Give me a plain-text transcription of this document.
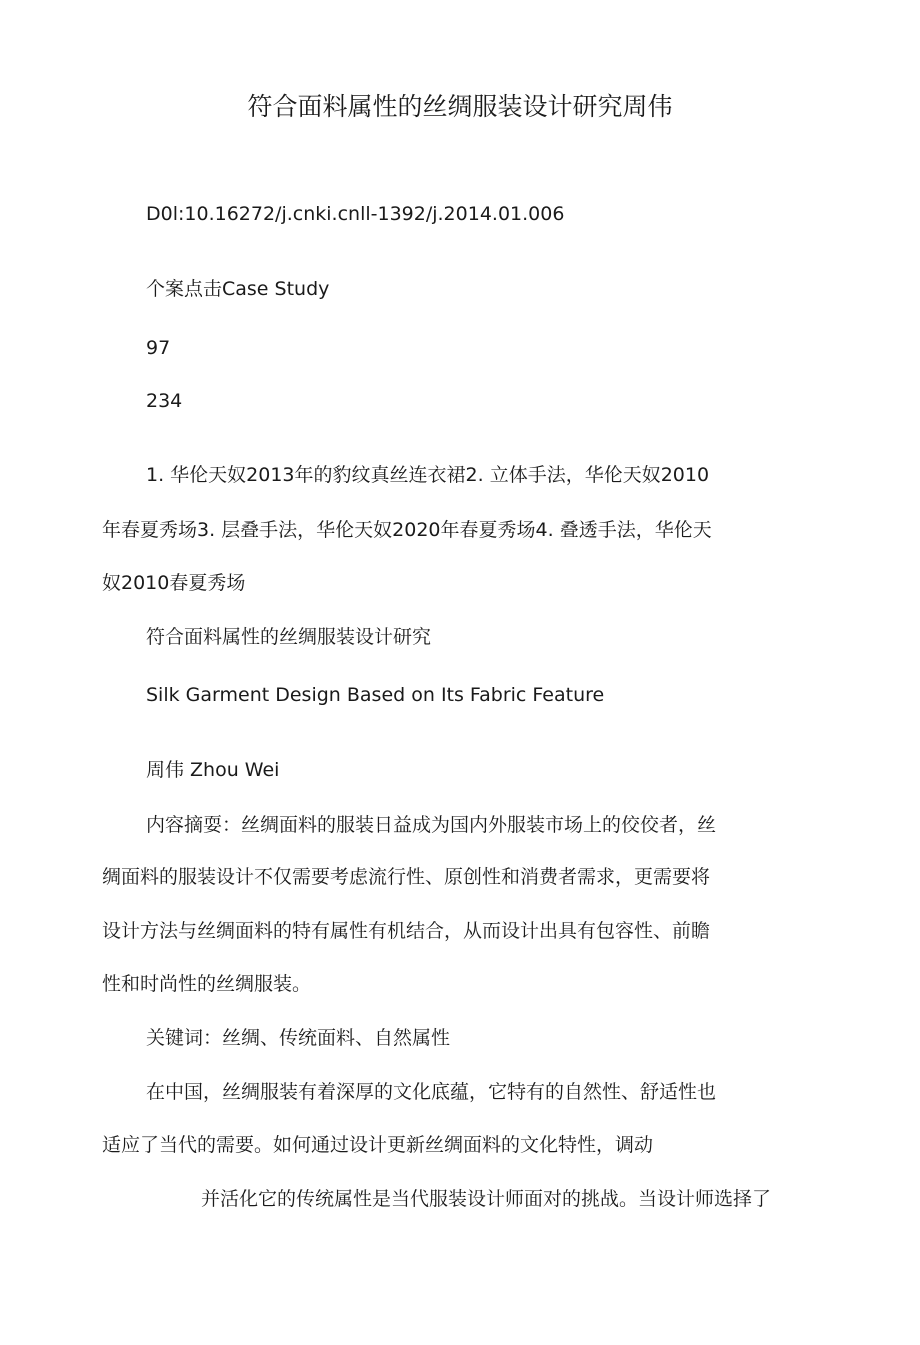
符合面料属性的丝绸服装设计研究周伟
D0l:10.16272/j.cnki.cnll-1392/j.2014.01.006
个案点击Case Study
97
234
1. 华伦天奴2013年的豹纹真丝连衣裙2. 立体手法，华伦天奴2010
年春夏秀场3. 层叠手法，华伦天奴2020年春夏秀场4. 叠透手法，华伦天
奴2010春夏秀场
符合面料属性的丝绸服装设计研究
Silk Garment Design Based on Its Fabric Feature
周伟 Zhou Wei
内容摘耍：丝绸面料的服装日益成为国内外服装市场上的佼佼者，丝
绸面料的服装设计不仅需要考虑流行性、原创性和消费者需求，更需要将
设计方法与丝绸面料的特有属性有机结合，从而设计出具有包容性、前瞻
性和时尚性的丝绸服装。
关键词：丝绸、传统面料、自然属性
在中国，丝绸服装有着深厚的文化底蕴，它特有的自然性、舒适性也
适应了当代的需要。如何通过设计更新丝绸面料的文化特性，调动
并活化它的传统属性是当代服装设计师面对的挑战。当设计师选择了
